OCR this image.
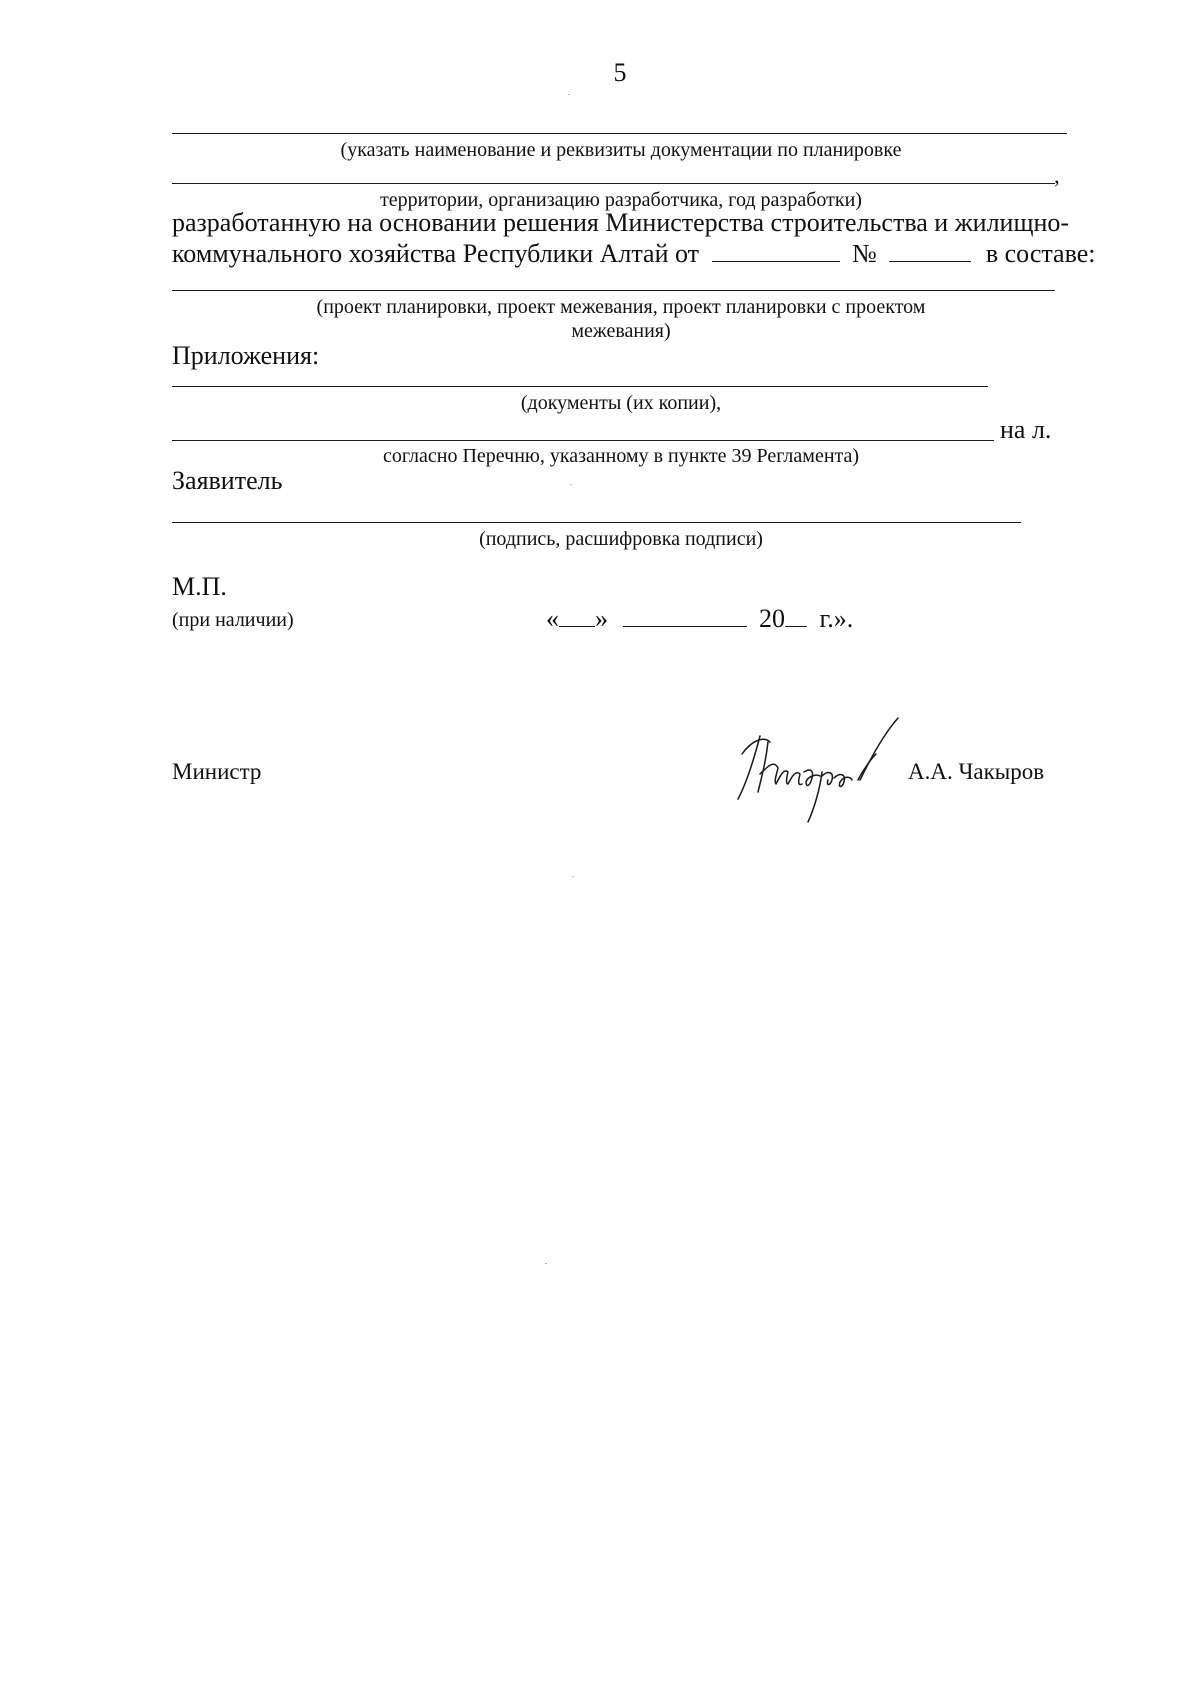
5
(указать наименование и реквизиты документации по планировке
,
территории, организацию разработчика, год разработки)
разработанную на основании решения Министерства строительства и жилищно-
коммунального хозяйства Республики Алтай от	№	в составе:
(проект планировки, проект межевания, проект планировки с проектом
межевания)
Приложения:
(документы (их копии),
на л.
согласно Перечню, указанному в пункте 39 Регламента)
Заявитель
(подпись, расшифровка подписи)
М.П.
(при наличии)	« »	20 г.».
Министр	А.А. Чакыров
